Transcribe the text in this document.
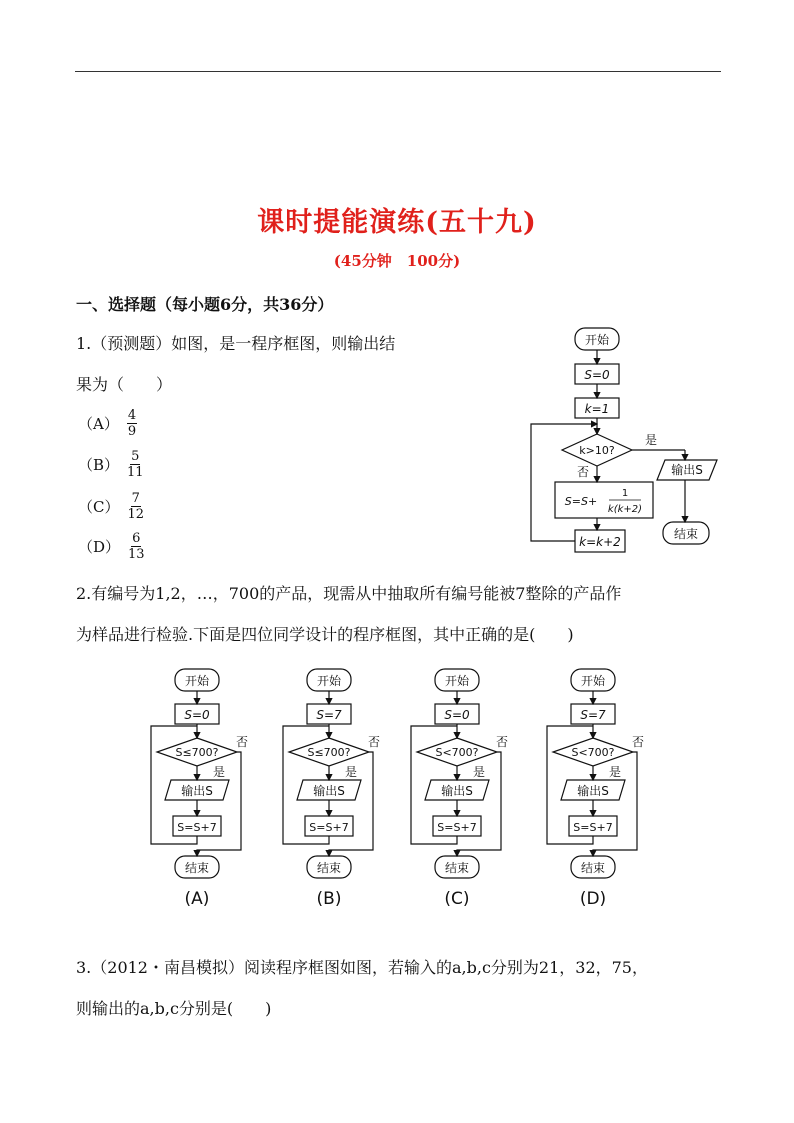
课时提能演练(五十九)
(45分钟　100分)
一、选择题（每小题6分，共36分）
1.（预测题）如图，是一程序框图，则输出结
果为（　　）
$(A) \frac{4}{9}$
$(B) \frac{5}{11}$
$(C) \frac{7}{12}$
$(D) \frac{6}{13}$
开始
S=0
k=1
k>10?
是
否	输出S
结束
S=S+
1
k(k+2)
k=k+2
2.有编号为1,2，…，700的产品，现需从中抽取所有编号能被7整除的产品作
为样品进行检验.下面是四位同学设计的程序框图，其中正确的是(　　)
开始
S=0
S≤700?
输出S
S=S+7
结束
是
否
(A)
开始
S=7
S≤700?
输出S
S=S+7
结束
是
否
(B)
开始
S=0
S<700?
输出S
S=S+7
结束
是
否
(C)
开始
S=7
S<700?
输出S
S=S+7
结束
是
否
(D)
3.（2012・南昌模拟）阅读程序框图如图，若输入的a,b,c分别为21，32，75，
则输出的a,b,c分别是(　　)
